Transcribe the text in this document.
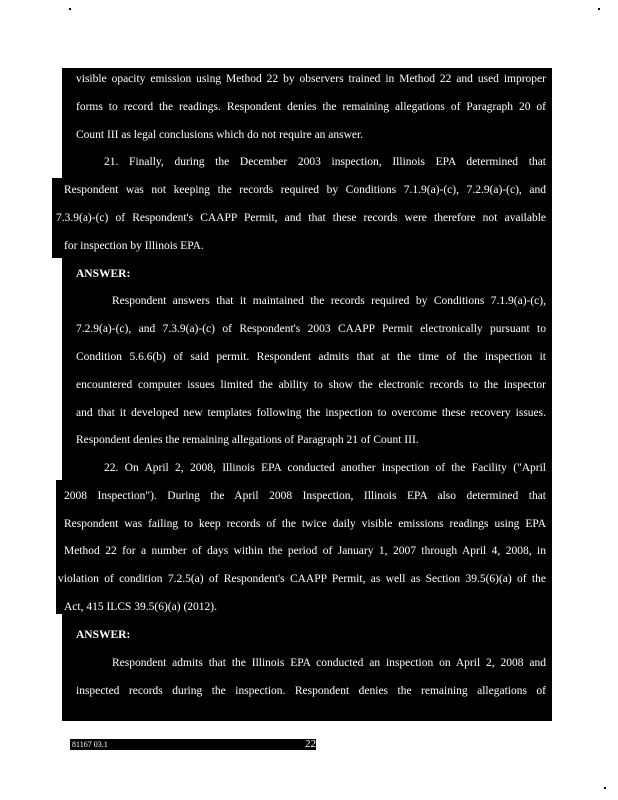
visible opacity emission using Method 22 by observers trained in Method 22 and used improper
forms to record the readings. Respondent denies the remaining allegations of Paragraph 20 of
Count III as legal conclusions which do not require an answer.
21. Finally, during the December 2003 inspection, Illinois EPA determined that
Respondent was not keeping the records required by Conditions 7.1.9(a)-(c), 7.2.9(a)-(c), and
7.3.9(a)-(c) of Respondent's CAAPP Permit, and that these records were therefore not available
for inspection by Illinois EPA.
ANSWER:
Respondent answers that it maintained the records required by Conditions 7.1.9(a)-(c),
7.2.9(a)-(c), and 7.3.9(a)-(c) of Respondent's 2003 CAAPP Permit electronically pursuant to
Condition 5.6.6(b) of said permit. Respondent admits that at the time of the inspection it
encountered computer issues limited the ability to show the electronic records to the inspector
and that it developed new templates following the inspection to overcome these recovery issues.
Respondent denies the remaining allegations of Paragraph 21 of Count III.
22. On April 2, 2008, Illinois EPA conducted another inspection of the Facility ("April
2008 Inspection"). During the April 2008 Inspection, Illinois EPA also determined that
Respondent was failing to keep records of the twice daily visible emissions readings using EPA
Method 22 for a number of days within the period of January 1, 2007 through April 4, 2008, in
violation of condition 7.2.5(a) of Respondent's CAAPP Permit, as well as Section 39.5(6)(a) of the
Act, 415 ILCS 39.5(6)(a) (2012).
ANSWER:
Respondent admits that the Illinois EPA conducted an inspection on April 2, 2008 and
inspected records during the inspection. Respondent denies the remaining allegations of
81167 03.1	22
